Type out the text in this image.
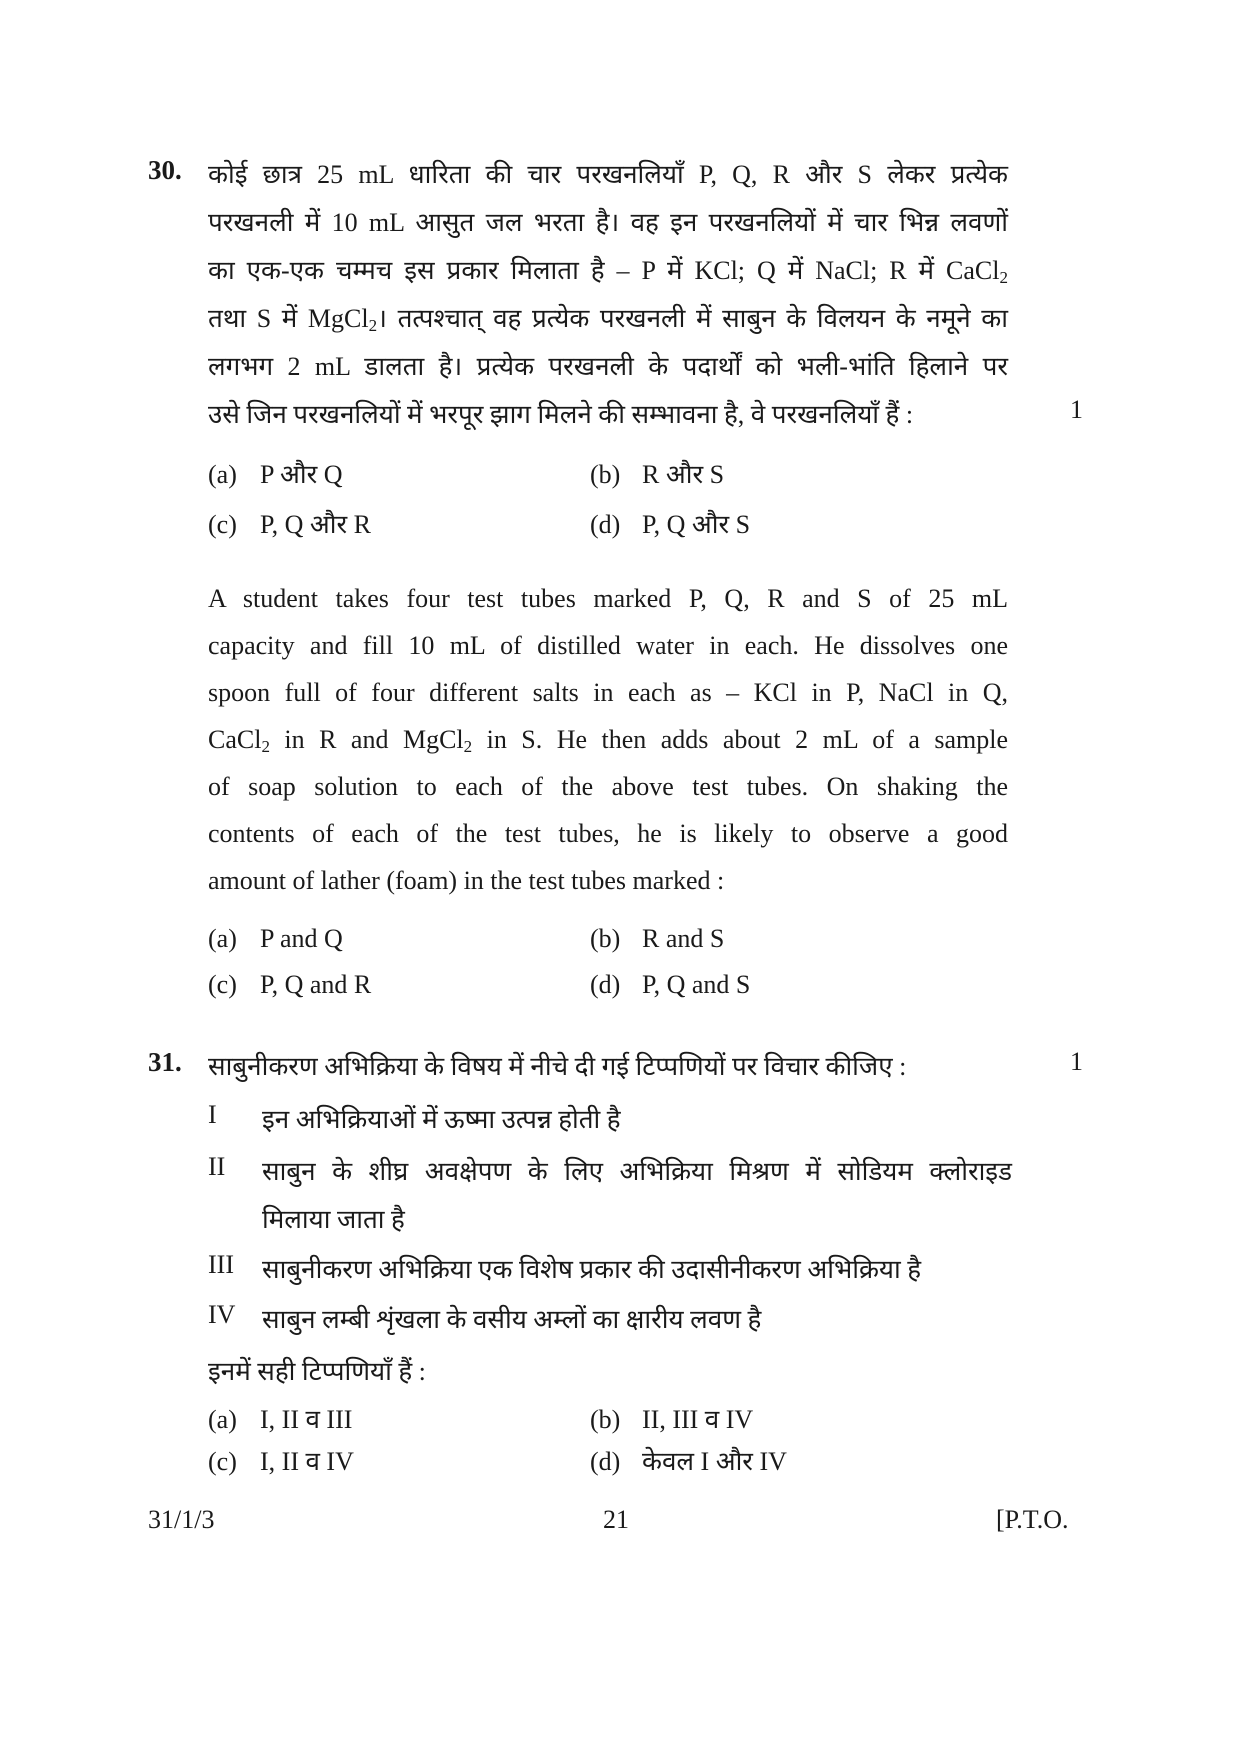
30. कोई छात्र 25 mL धारिता की चार परखनलियाँ P, Q, R और S लेकर प्रत्येक
परखनली में 10 mL आसुत जल भरता है। वह इन परखनलियों में चार भिन्न लवणों
का एक-एक चम्मच इस प्रकार मिलाता है – P में KCl; Q में NaCl; R में CaCl$_2$
तथा S में MgCl$_2$। तत्पश्चात् वह प्रत्येक परखनली में साबुन के विलयन के नमूने का
लगभग 2 mL डालता है। प्रत्येक परखनली के पदार्थों को भली-भांति हिलाने पर
उसे जिन परखनलियों में भरपूर झाग मिलने की सम्भावना है, वे परखनलियाँ हैं :	1
(a) P और Q	(b) R और S
(c) P, Q और R	(d) P, Q और S
A student takes four test tubes marked P, Q, R and S of 25 mL
capacity and fill 10 mL of distilled water in each. He dissolves one
spoon full of four different salts in each as – KCl in P, NaCl in Q,
CaCl$_2$ in R and MgCl$_2$ in S. He then adds about 2 mL of a sample
of soap solution to each of the above test tubes. On shaking the
contents of each of the test tubes, he is likely to observe a good
amount of lather (foam) in the test tubes marked :
(a) P and Q	(b) R and S
(c) P, Q and R	(d) P, Q and S
31. साबुनीकरण अभिक्रिया के विषय में नीचे दी गई टिप्पणियों पर विचार कीजिए :	1
I इन अभिक्रियाओं में ऊष्मा उत्पन्न होती है
II साबुन के शीघ्र अवक्षेपण के लिए अभिक्रिया मिश्रण में सोडियम क्लोराइड
मिलाया जाता है
III साबुनीकरण अभिक्रिया एक विशेष प्रकार की उदासीनीकरण अभिक्रिया है
IV साबुन लम्बी शृंखला के वसीय अम्लों का क्षारीय लवण है
इनमें सही टिप्पणियाँ हैं :
(a) I, II व III	(b) II, III व IV
(c) I, II व IV	(d) केवल I और IV
31/1/3	21	[P.T.O.
